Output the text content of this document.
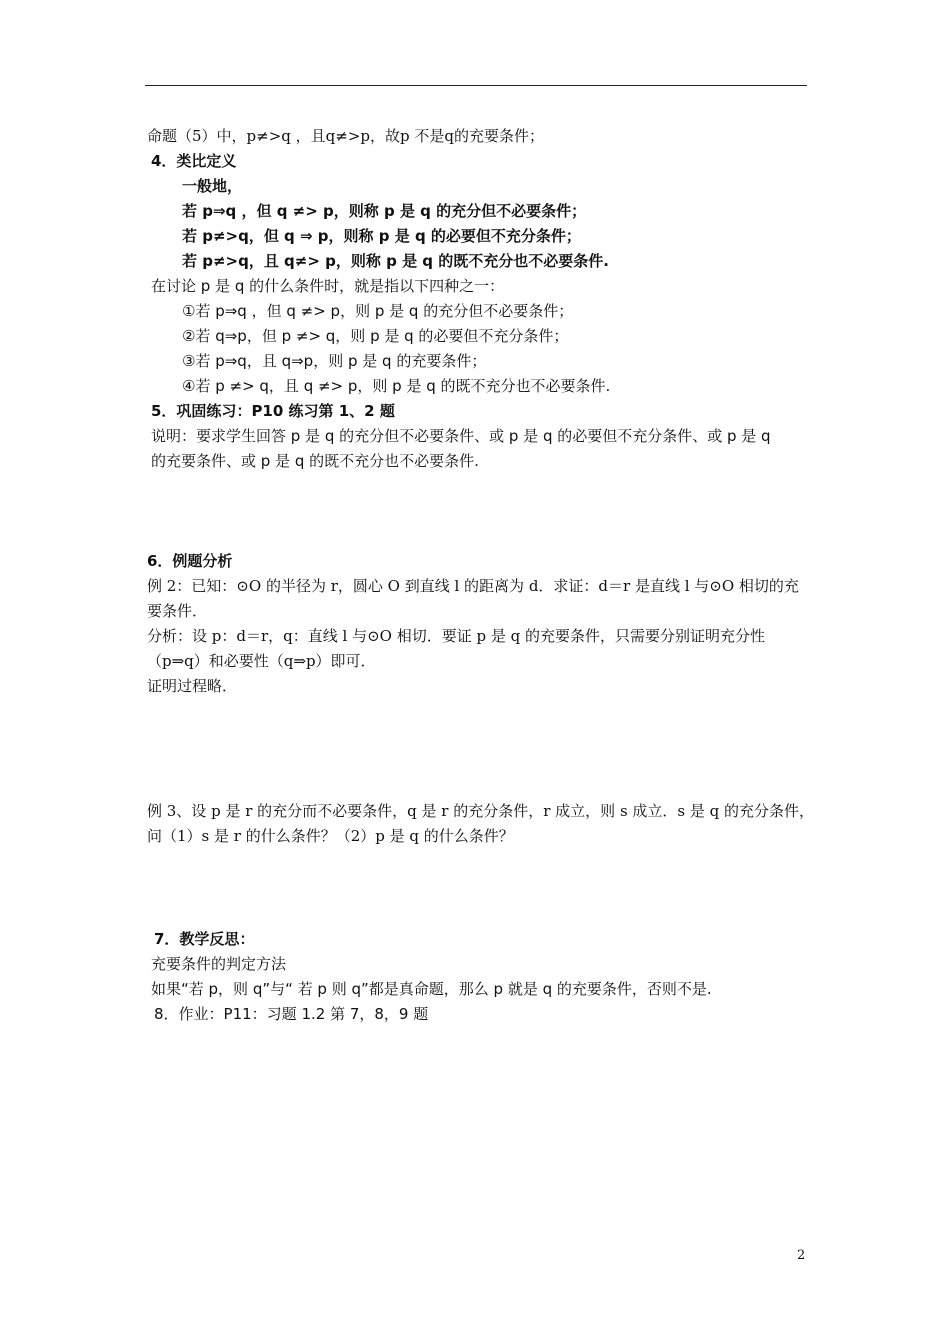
命题（5）中，p≠>q ，且q≠>p，故p 不是q的充要条件；
4．类比定义
一般地，
若 p⇒q ，但 q ≠> p，则称 p 是 q 的充分但不必要条件；
若 p≠>q，但 q ⇒ p，则称 p 是 q 的必要但不充分条件；
若 p≠>q，且 q≠> p，则称 p 是 q 的既不充分也不必要条件.
在讨论 p 是 q 的什么条件时，就是指以下四种之一：
①若 p⇒q ，但 q ≠> p，则 p 是 q 的充分但不必要条件；
②若 q⇒p，但 p ≠> q，则 p 是 q 的必要但不充分条件；
③若 p⇒q，且 q⇒p，则 p 是 q 的充要条件；
④若 p ≠> q，且 q ≠> p，则 p 是 q 的既不充分也不必要条件.
5．巩固练习：P10 练习第 1、2 题
说明：要求学生回答 p 是 q 的充分但不必要条件、或 p 是 q 的必要但不充分条件、或 p 是 q
的充要条件、或 p 是 q 的既不充分也不必要条件.
6．例题分析
例 2：已知：⊙O 的半径为 r，圆心 O 到直线 l 的距离为 d．求证：d＝r 是直线 l 与⊙O 相切的充
要条件．
分析：设 p：d＝r，q：直线 l 与⊙O 相切．要证 p 是 q 的充要条件，只需要分别证明充分性
（p⇒q）和必要性（q⇒p）即可．
证明过程略．
例 3、设 p 是 r 的充分而不必要条件，q 是 r 的充分条件，r 成立，则 s 成立．s 是 q 的充分条件，
问（1）s 是 r 的什么条件？（2）p 是 q 的什么条件？
7．教学反思：
充要条件的判定方法
如果“若 p，则 q”与“ 若 p 则 q”都是真命题，那么 p 就是 q 的充要条件，否则不是.
8．作业：P11：习题 1.2 第 7，8，9 题
2
